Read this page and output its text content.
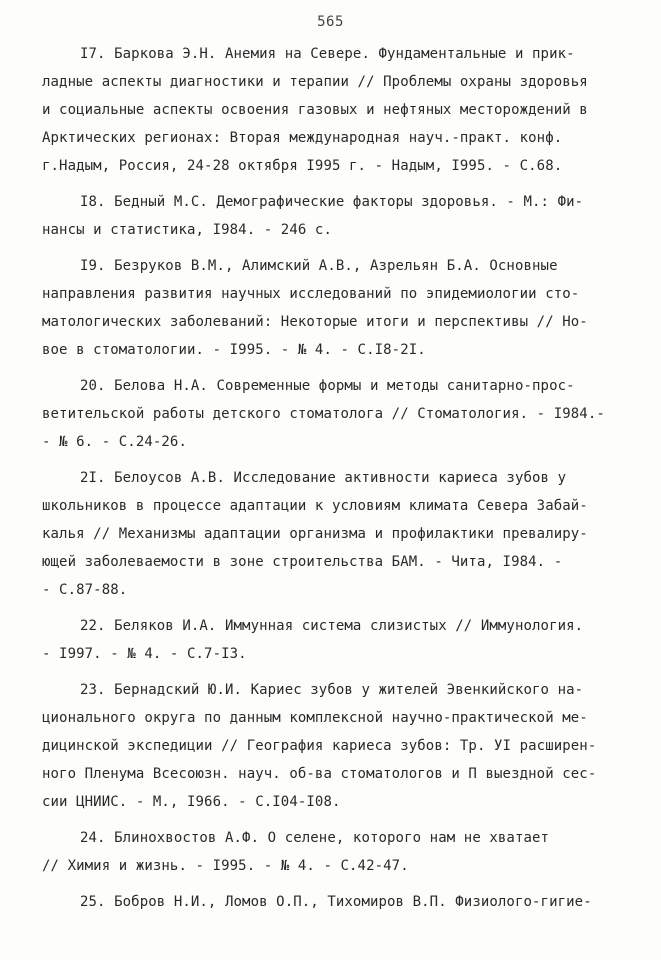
565
I7. Баркова Э.Н. Анемия на Севере. Фундаментальные и прик-
ладные аспекты диагностики и терапии // Проблемы охраны здоровья
и социальные аспекты освоения газовых и нефтяных месторождений в
Арктических регионах: Вторая международная науч.-практ. конф.
г.Надым, Россия, 24-28 октября I995 г. - Надым, I995. - С.68.
I8. Бедный М.С. Демографические факторы здоровья. - М.: Фи-
нансы и статистика, I984. - 246 с.
I9. Безруков В.М., Алимский А.В., Азрельян Б.А. Основные
направления развития научных исследований по эпидемиологии сто-
матологических заболеваний: Некоторые итоги и перспективы // Но-
вое в стоматологии. - I995. - № 4. - С.I8-2I.
20. Белова Н.А. Современные формы и методы санитарно-прос-
ветительской работы детского стоматолога // Стоматология. - I984.-
- № 6. - С.24-26.
2I. Белоусов А.В. Исследование активности кариеса зубов у
школьников в процессе адаптации к условиям климата Севера Забай-
калья // Механизмы адаптации организма и профилактики превалиру-
ющей заболеваемости в зоне строительства БАМ. - Чита, I984. -
- С.87-88.
22. Беляков И.А. Иммунная система слизистых // Иммунология.
- I997. - № 4. - С.7-I3.
23. Бернадский Ю.И. Кариес зубов у жителей Эвенкийского на-
ционального округа по данным комплексной научно-практической ме-
дицинской экспедиции // География кариеса зубов: Тр. УI расширен-
ного Пленума Всесоюзн. науч. об-ва стоматологов и П выездной сес-
сии ЦНИИС. - М., I966. - С.I04-I08.
24. Блинохвостов А.Ф. О селене, которого нам не хватает
// Химия и жизнь. - I995. - № 4. - С.42-47.
25. Бобров Н.И., Ломов О.П., Тихомиров В.П. Физиолого-гигие-
